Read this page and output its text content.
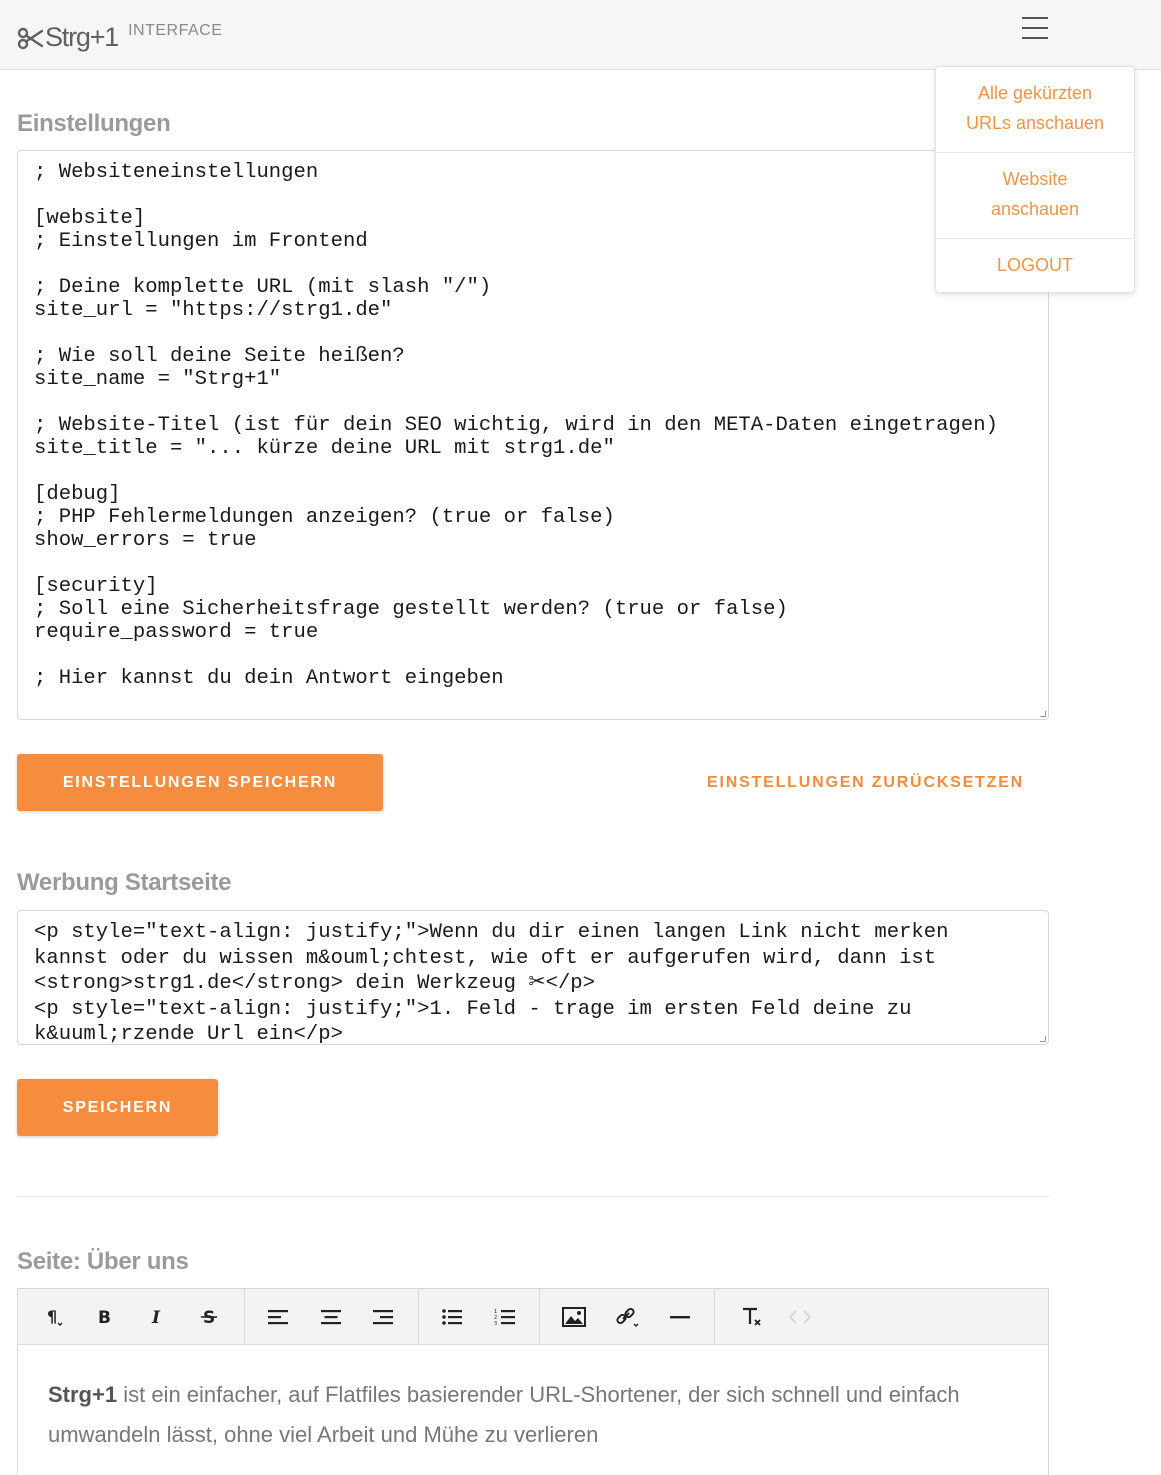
Strg+1 INTERFACE
Alle gekürzten URLs anschauen
Website anschauen
LOGOUT
Einstellungen
; Websiteneinstellungen

[website]
; Einstellungen im Frontend

; Deine komplette URL (mit slash "/")
site_url = "https://strg1.de"

; Wie soll deine Seite heißen?
site_name = "Strg+1"

; Website-Titel (ist für dein SEO wichtig, wird in den META-Daten eingetragen)
site_title = "... kürze deine URL mit strg1.de"

[debug]
; PHP Fehlermeldungen anzeigen? (true or false)
show_errors = true

[security]
; Soll eine Sicherheitsfrage gestellt werden? (true or false)
require_password = true

; Hier kannst du dein Antwort eingeben
EINSTELLUNGEN SPEICHERN	EINSTELLUNGEN ZURÜCKSETZEN
Werbung Startseite
<p style="text-align: justify;">Wenn du dir einen langen Link nicht merken kannst oder du wissen m&ouml;chtest, wie oft er aufgerufen wird, dann ist <strong>strg1.de</strong> dein Werkzeug ✂</p>
<p style="text-align: justify;">1. Feld - trage im ersten Feld deine zu k&uuml;rzende Url ein</p>
SPEICHERN
Seite: Über uns
¶ B I	S	1
2
3
Strg+1 ist ein einfacher, auf Flatfiles basierender URL-Shortener, der sich schnell und einfach umwandeln lässt, ohne viel Arbeit und Mühe zu verlieren
